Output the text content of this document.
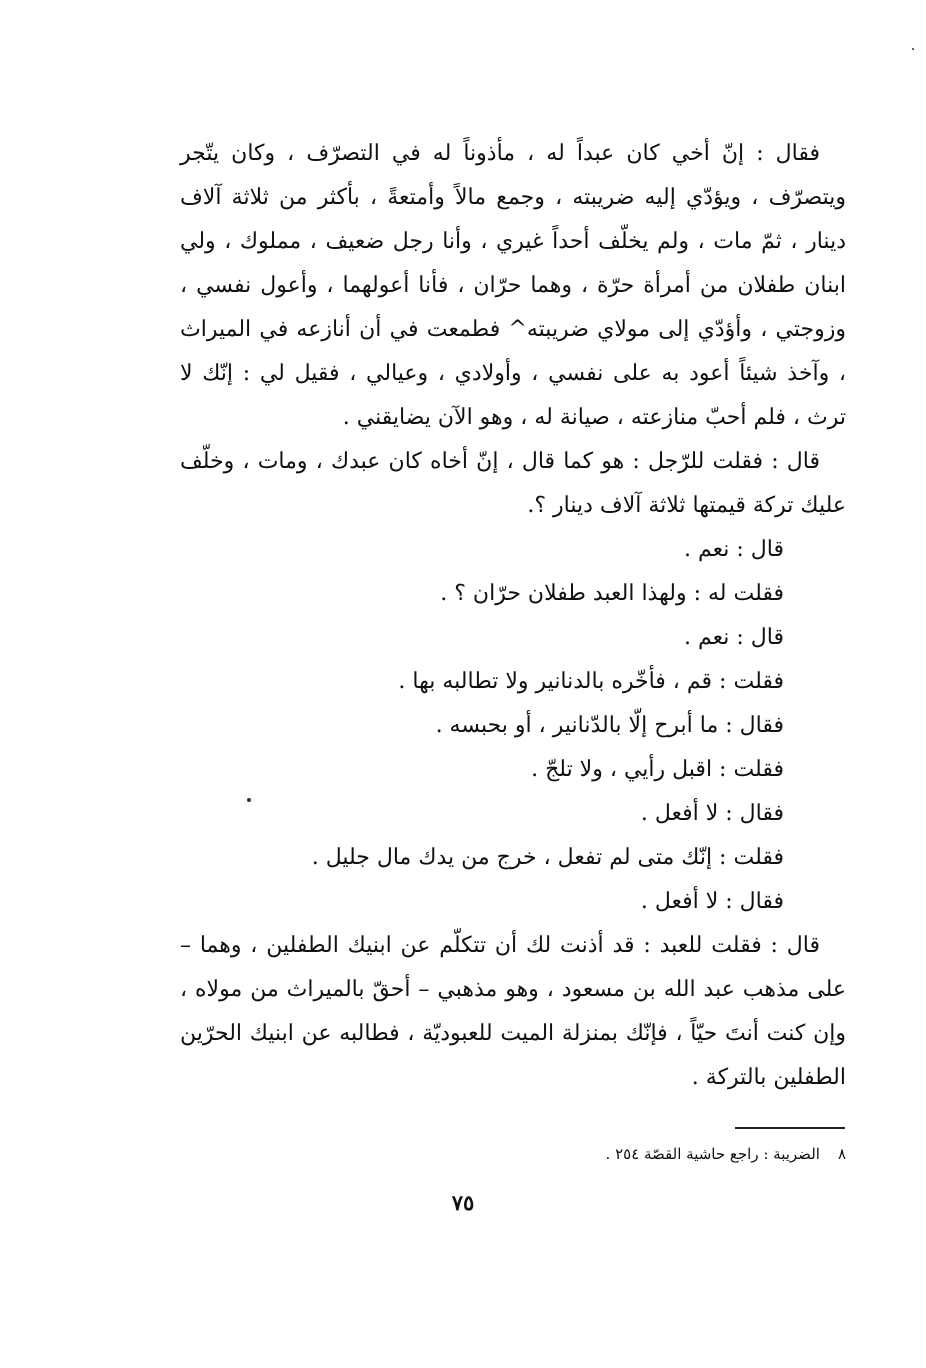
فقال : إنّ أخي كان عبداً له ، مأذوناً له في التصرّف ، وكان يتّجر ويتصرّف ، ويؤدّي إليه ضريبته ، وجمع مالاً وأمتعةً ، بأكثر من ثلاثة آلاف دينار ، ثمّ مات ، ولم يخلّف أحداً غيري ، وأنا رجل ضعيف ، مملوك ، ولي ابنان طفلان من أمرأة حرّة ، وهما حرّان ، فأنا أعولهما ، وأعول نفسي ، وزوجتي ، وأؤدّي إلى مولاي ضريبته^ فطمعت في أن أنازعه في الميراث ، وآخذ شيئاً أعود به على نفسي ، وأولادي ، وعيالي ، فقيل لي : إنّك لا ترث ، فلم أحبّ منازعته ، صيانة له ، وهو الآن يضايقني .

قال : فقلت للرّجل : هو كما قال ، إنّ أخاه كان عبدك ، ومات ، وخلّف عليك تركة قيمتها ثلاثة آلاف دينار ؟.

قال : نعم .

فقلت له : ولهذا العبد طفلان حرّان ؟ .

قال : نعم .

فقلت : قم ، فأخّره بالدنانير ولا تطالبه بها .

فقال : ما أبرح إلّا بالدّنانير ، أو بحبسه .

فقلت : اقبل رأيي ، ولا تلجّ .

فقال : لا أفعل .

فقلت : إنّك متى لم تفعل ، خرج من يدك مال جليل .

فقال : لا أفعل .

قال : فقلت للعبد : قد أذنت لك أن تتكلّم عن ابنيك الطفلين ، وهما – على مذهب عبد الله بن مسعود ، وهو مذهبي – أحقّ بالميراث من مولاه ، وإن كنت أنتَ حيّاً ، فإنّك بمنزلة الميت للعبوديّة ، فطالبه عن ابنيك الحرّين الطفلين بالتركة .

٨الضريبة : راجع حاشية القصّة ٢٥٤ .
٧٥
